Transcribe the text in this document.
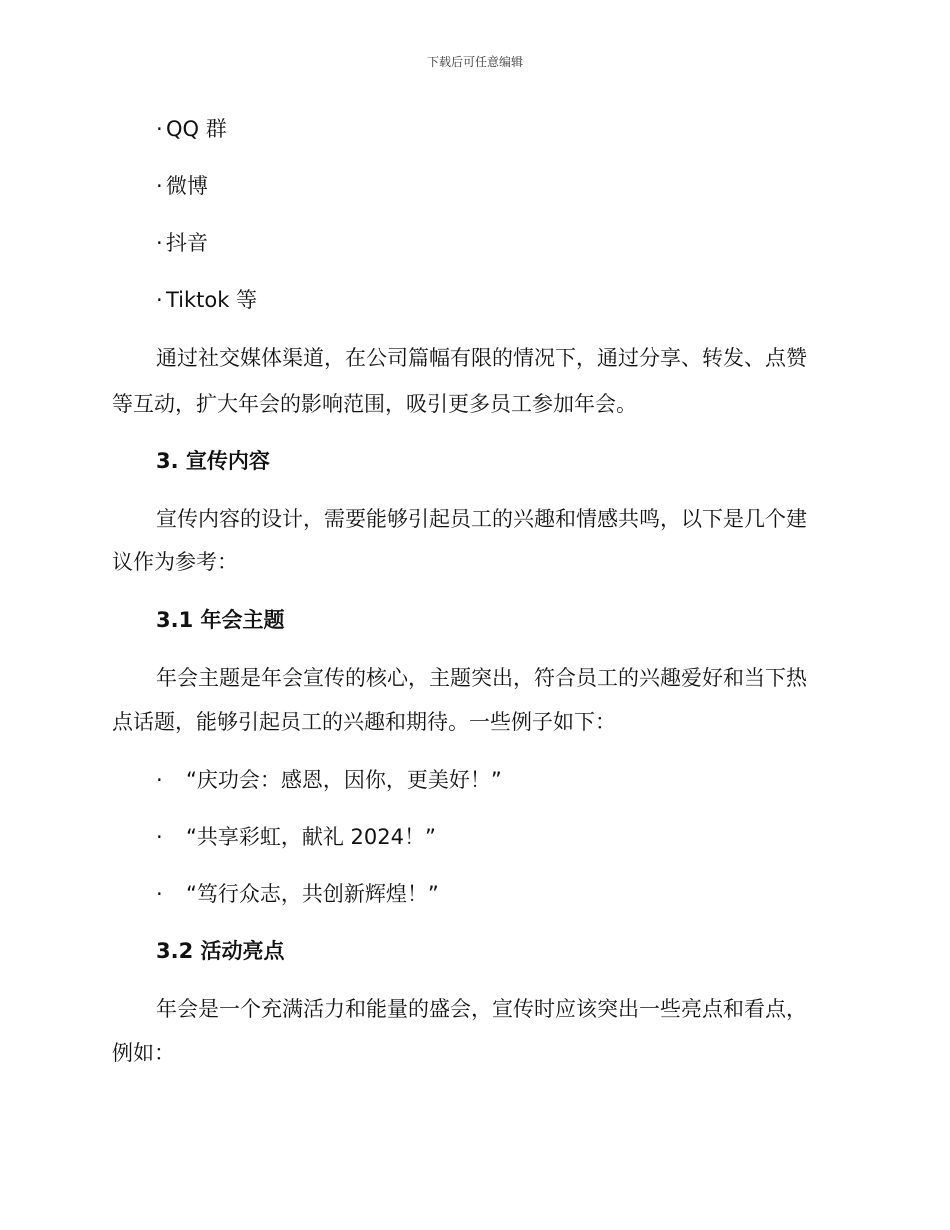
下载后可任意编辑
· QQ 群
· 微博
· 抖音
· Tiktok 等
通过社交媒体渠道，在公司篇幅有限的情况下，通过分享、转发、点赞
等互动，扩大年会的影响范围，吸引更多员工参加年会。
3. 宣传内容
宣传内容的设计，需要能够引起员工的兴趣和情感共鸣，以下是几个建
议作为参考：
3.1 年会主题
年会主题是年会宣传的核心，主题突出，符合员工的兴趣爱好和当下热
点话题，能够引起员工的兴趣和期待。一些例子如下：
· “庆功会：感恩，因你，更美好！”
· “共享彩虹，献礼 2024！”
· “笃行众志，共创新辉煌！”
3.2 活动亮点
年会是一个充满活力和能量的盛会，宣传时应该突出一些亮点和看点，
例如：
